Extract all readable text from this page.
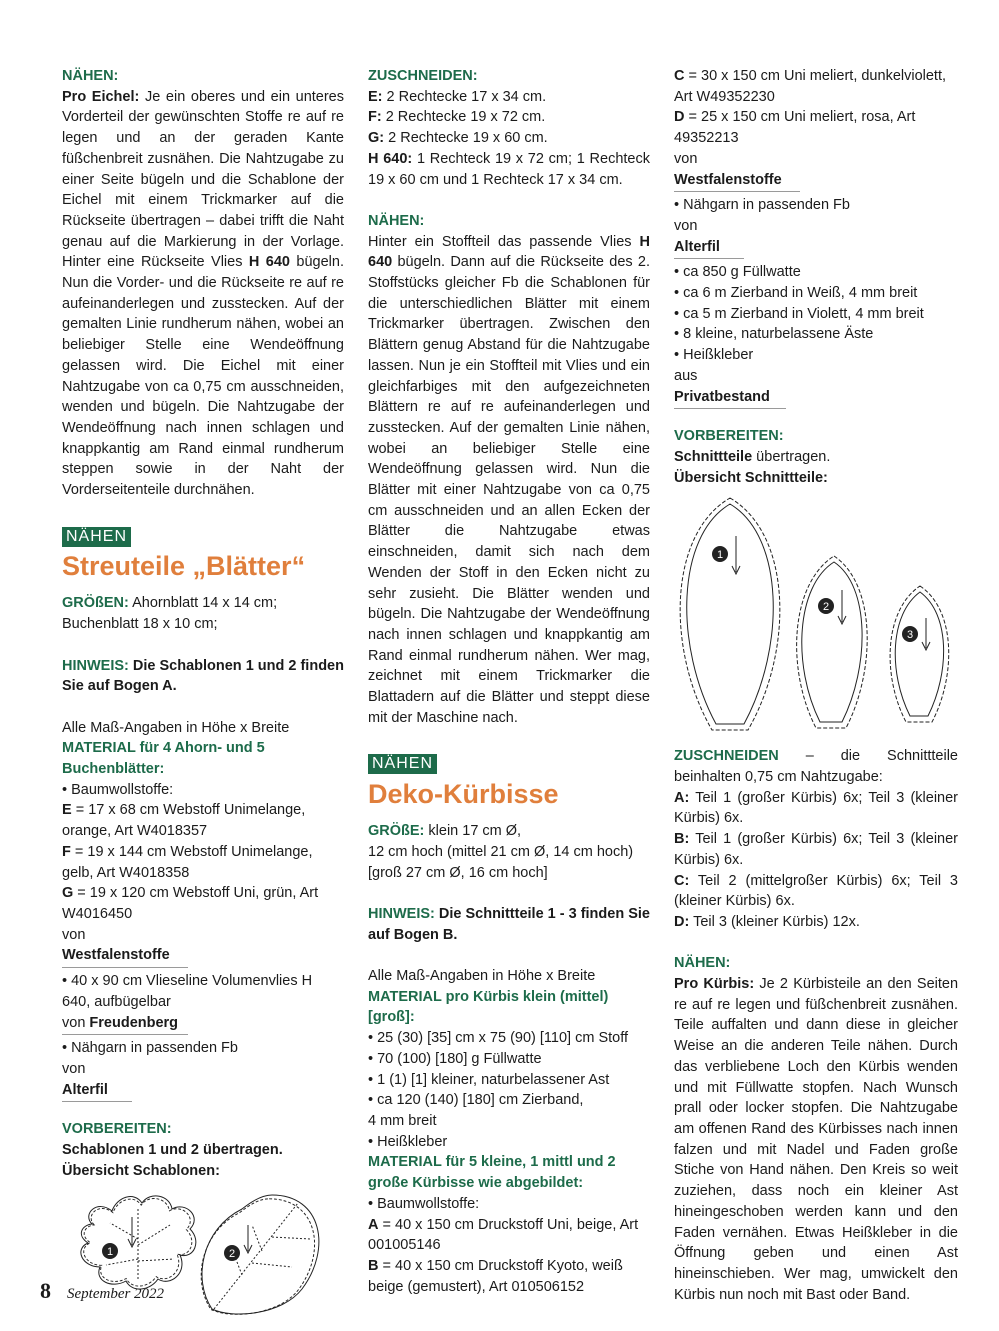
NÄHEN:

Pro Eichel: Je ein oberes und ein unteres Vorderteil der gewünschten Stoffe re auf re legen und an der geraden Kante füßchenbreit zusnähen. Die Nahtzugabe zu einer Seite bügeln und die Schablone der Eichel mit einem Trickmarker auf die Rückseite übertragen – dabei trifft die Naht genau auf die Markierung in der Vorlage. Hinter eine Rückseite Vlies H 640 bügeln. Nun die Vorder- und die Rückseite re auf re aufeinanderlegen und zusstecken. Auf der gemalten Linie rundherum nähen, wobei an beliebiger Stelle eine Wendeöffnung gelassen wird. Die Eichel mit einer Nahtzugabe von ca 0,75 cm ausschneiden, wenden und bügeln. Die Nahtzugabe der Wendeöffnung nach innen schlagen und knappkantig am Rand einmal rundherum steppen sowie in der Naht der Vorderseitenteile durchnähen.

NÄHEN
Streuteile „Blätter“

GRÖßEN: Ahornblatt 14 x 14 cm;

Buchenblatt 18 x 10 cm;

HINWEIS: Die Schablonen 1 und 2 finden Sie auf Bogen A.

Alle Maß-Angaben in Höhe x Breite

MATERIAL für 4 Ahorn- und 5 Buchenblätter:

• Baumwollstoffe:

E = 17 x 68 cm Webstoff Unimelange, orange, Art W4018357

F = 19 x 144 cm Webstoff Unimelange, gelb, Art W4018358

G = 19 x 120 cm Webstoff Uni, grün, Art W4016450

von Westfalenstoffe

• 40 x 90 cm Vlieseline Volumenvlies H 640, aufbügelbar

von Freudenberg

• Nähgarn in passenden Fb

von Alterfil

VORBEREITEN:

Schablonen 1 und 2 übertragen.

Übersicht Schablonen:

1	2

ZUSCHNEIDEN:

E: 2 Rechtecke 17 x 34 cm.

F: 2 Rechtecke 19 x 72 cm.

G: 2 Rechtecke 19 x 60 cm.

H 640: 1 Rechteck 19 x 72 cm; 1 Rechteck 19 x 60 cm und 1 Rechteck 17 x 34 cm.

NÄHEN:

Hinter ein Stoffteil das passende Vlies H 640 bügeln. Dann auf die Rückseite des 2. Stoffstücks gleicher Fb die Schablonen für die unterschiedlichen Blätter mit einem Trickmarker übertragen. Zwischen den Blättern genug Abstand für die Nahtzugabe lassen. Nun je ein Stoffteil mit Vlies und ein gleichfarbiges mit den aufgezeichneten Blättern re auf re aufeinanderlegen und zusstecken. Auf der gemalten Linie nähen, wobei an beliebiger Stelle eine Wendeöffnung gelassen wird. Nun die Blätter mit einer Nahtzugabe von ca 0,75 cm ausschneiden und an allen Ecken der Blätter die Nahtzugabe etwas einschneiden, damit sich nach dem Wenden der Stoff in den Ecken nicht zu sehr zusieht. Die Blätter wenden und bügeln. Die Nahtzugabe der Wendeöffnung nach innen schlagen und knappkantig am Rand einmal rundherum nähen. Wer mag, zeichnet mit einem Trickmarker die Blattadern auf die Blätter und steppt diese mit der Maschine nach.

NÄHEN
Deko-Kürbisse

GRÖßE: klein 17 cm Ø,

12 cm hoch (mittel 21 cm Ø, 14 cm hoch)

[groß 27 cm Ø, 16 cm hoch]

HINWEIS: Die Schnittteile 1 - 3 finden Sie auf Bogen B.

Alle Maß-Angaben in Höhe x Breite

MATERIAL pro Kürbis klein (mittel) [groß]:

• 25 (30) [35] cm x 75 (90) [110] cm Stoff

• 70 (100) [180] g Füllwatte

• 1 (1) [1] kleiner, naturbelassener Ast

• ca 120 (140) [180] cm Zierband,

4 mm breit

• Heißkleber

MATERIAL für 5 kleine, 1 mittl und 2 große Kürbisse wie abgebildet:

• Baumwollstoffe:

A = 40 x 150 cm Druckstoff Uni, beige, Art 001005146

B = 40 x 150 cm Druckstoff Kyoto, weiß beige (gemustert), Art 010506152

C = 30 x 150 cm Uni meliert, dunkelviolett, Art W49352230

D = 25 x 150 cm Uni meliert, rosa, Art 49352213

von Westfalenstoffe

• Nähgarn in passenden Fb

von Alterfil

• ca 850 g Füllwatte

• ca 6 m Zierband in Weiß, 4 mm breit

• ca 5 m Zierband in Violett, 4 mm breit

• 8 kleine, naturbelassene Äste

• Heißkleber

aus Privatbestand

VORBEREITEN:

Schnittteile übertragen.

Übersicht Schnittteile:

1
2
3

ZUSCHNEIDEN – die Schnittteile beinhalten 0,75 cm Nahtzugabe:

A: Teil 1 (großer Kürbis) 6x; Teil 3 (kleiner Kürbis) 6x.

B: Teil 1 (großer Kürbis) 6x; Teil 3 (kleiner Kürbis) 6x.

C: Teil 2 (mittelgroßer Kürbis) 6x; Teil 3 (kleiner Kürbis) 6x.

D: Teil 3 (kleiner Kürbis) 12x.

NÄHEN:

Pro Kürbis: Je 2 Kürbisteile an den Seiten re auf re legen und füßchenbreit zusnähen. Teile auffalten und dann diese in gleicher Weise an die anderen Teile nähen. Durch das verbliebene Loch den Kürbis wenden und mit Füllwatte stopfen. Nach Wunsch prall oder locker stopfen. Die Nahtzugabe am offenen Rand des Kürbisses nach innen falzen und mit Nadel und Faden große Stiche von Hand nähen. Den Kreis so weit zuziehen, dass noch ein kleiner Ast hineingeschoben werden kann und den Faden vernähen. Etwas Heißkleber in die Öffnung geben und einen Ast hineinschieben. Wer mag, umwickelt den Kürbis nun noch mit Bast oder Band.

8 September 2022
